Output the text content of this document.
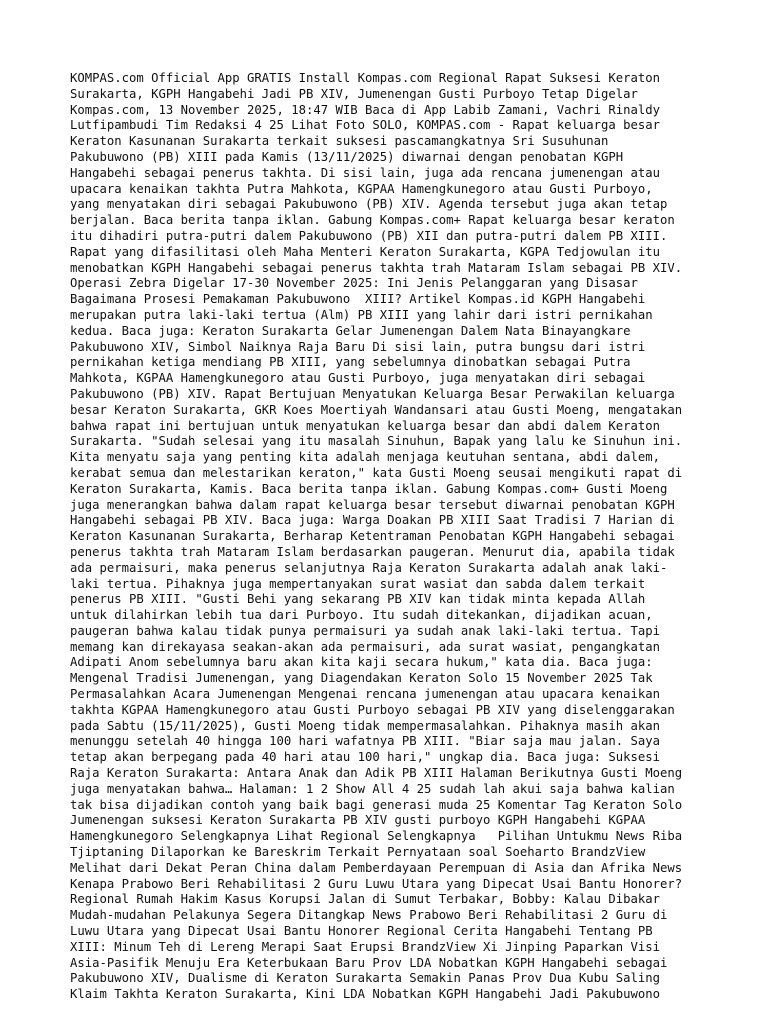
KOMPAS.com Official App GRATIS Install Kompas.com Regional Rapat Suksesi Keraton
Surakarta, KGPH Hangabehi Jadi PB XIV, Jumenengan Gusti Purboyo Tetap Digelar
Kompas.com, 13 November 2025, 18:47 WIB Baca di App Labib Zamani, Vachri Rinaldy
Lutfipambudi Tim Redaksi 4 25 Lihat Foto SOLO, KOMPAS.com - Rapat keluarga besar
Keraton Kasunanan Surakarta terkait suksesi pascamangkatnya Sri Susuhunan
Pakubuwono (PB) XIII pada Kamis (13/11/2025) diwarnai dengan penobatan KGPH
Hangabehi sebagai penerus takhta. Di sisi lain, juga ada rencana jumenengan atau
upacara kenaikan takhta Putra Mahkota, KGPAA Hamengkunegoro atau Gusti Purboyo,
yang menyatakan diri sebagai Pakubuwono (PB) XIV. Agenda tersebut juga akan tetap
berjalan. Baca berita tanpa iklan. Gabung Kompas.com+ Rapat keluarga besar keraton
itu dihadiri putra-putri dalem Pakubuwono (PB) XII dan putra-putri dalem PB XIII.
Rapat yang difasilitasi oleh Maha Menteri Keraton Surakarta, KGPA Tedjowulan itu
menobatkan KGPH Hangabehi sebagai penerus takhta trah Mataram Islam sebagai PB XIV.
Operasi Zebra Digelar 17-30 November 2025: Ini Jenis Pelanggaran yang Disasar
Bagaimana Prosesi Pemakaman Pakubuwono  XIII? Artikel Kompas.id KGPH Hangabehi
merupakan putra laki-laki tertua (Alm) PB XIII yang lahir dari istri pernikahan
kedua. Baca juga: Keraton Surakarta Gelar Jumenengan Dalem Nata Binayangkare
Pakubuwono XIV, Simbol Naiknya Raja Baru Di sisi lain, putra bungsu dari istri
pernikahan ketiga mendiang PB XIII, yang sebelumnya dinobatkan sebagai Putra
Mahkota, KGPAA Hamengkunegoro atau Gusti Purboyo, juga menyatakan diri sebagai
Pakubuwono (PB) XIV. Rapat Bertujuan Menyatukan Keluarga Besar Perwakilan keluarga
besar Keraton Surakarta, GKR Koes Moertiyah Wandansari atau Gusti Moeng, mengatakan
bahwa rapat ini bertujuan untuk menyatukan keluarga besar dan abdi dalem Keraton
Surakarta. "Sudah selesai yang itu masalah Sinuhun, Bapak yang lalu ke Sinuhun ini.
Kita menyatu saja yang penting kita adalah menjaga keutuhan sentana, abdi dalem,
kerabat semua dan melestarikan keraton," kata Gusti Moeng seusai mengikuti rapat di
Keraton Surakarta, Kamis. Baca berita tanpa iklan. Gabung Kompas.com+ Gusti Moeng
juga menerangkan bahwa dalam rapat keluarga besar tersebut diwarnai penobatan KGPH
Hangabehi sebagai PB XIV. Baca juga: Warga Doakan PB XIII Saat Tradisi 7 Harian di
Keraton Kasunanan Surakarta, Berharap Ketentraman Penobatan KGPH Hangabehi sebagai
penerus takhta trah Mataram Islam berdasarkan paugeran. Menurut dia, apabila tidak
ada permaisuri, maka penerus selanjutnya Raja Keraton Surakarta adalah anak laki-
laki tertua. Pihaknya juga mempertanyakan surat wasiat dan sabda dalem terkait
penerus PB XIII. "Gusti Behi yang sekarang PB XIV kan tidak minta kepada Allah
untuk dilahirkan lebih tua dari Purboyo. Itu sudah ditekankan, dijadikan acuan,
paugeran bahwa kalau tidak punya permaisuri ya sudah anak laki-laki tertua. Tapi
memang kan direkayasa seakan-akan ada permaisuri, ada surat wasiat, pengangkatan
Adipati Anom sebelumnya baru akan kita kaji secara hukum," kata dia. Baca juga:
Mengenal Tradisi Jumenengan, yang Diagendakan Keraton Solo 15 November 2025 Tak
Permasalahkan Acara Jumenengan Mengenai rencana jumenengan atau upacara kenaikan
takhta KGPAA Hamengkunegoro atau Gusti Purboyo sebagai PB XIV yang diselenggarakan
pada Sabtu (15/11/2025), Gusti Moeng tidak mempermasalahkan. Pihaknya masih akan
menunggu setelah 40 hingga 100 hari wafatnya PB XIII. "Biar saja mau jalan. Saya
tetap akan berpegang pada 40 hari atau 100 hari," ungkap dia. Baca juga: Suksesi
Raja Keraton Surakarta: Antara Anak dan Adik PB XIII Halaman Berikutnya Gusti Moeng
juga menyatakan bahwa… Halaman: 1 2 Show All 4 25 sudah lah akui saja bahwa kalian
tak bisa dijadikan contoh yang baik bagi generasi muda 25 Komentar Tag Keraton Solo
Jumenengan suksesi Keraton Surakarta PB XIV gusti purboyo KGPH Hangabehi KGPAA
Hamengkunegoro Selengkapnya Lihat Regional Selengkapnya   Pilihan Untukmu News Riba
Tjiptaning Dilaporkan ke Bareskrim Terkait Pernyataan soal Soeharto BrandzView
Melihat dari Dekat Peran China dalam Pemberdayaan Perempuan di Asia dan Afrika News
Kenapa Prabowo Beri Rehabilitasi 2 Guru Luwu Utara yang Dipecat Usai Bantu Honorer?
Regional Rumah Hakim Kasus Korupsi Jalan di Sumut Terbakar, Bobby: Kalau Dibakar
Mudah-mudahan Pelakunya Segera Ditangkap News Prabowo Beri Rehabilitasi 2 Guru di
Luwu Utara yang Dipecat Usai Bantu Honorer Regional Cerita Hangabehi Tentang PB
XIII: Minum Teh di Lereng Merapi Saat Erupsi BrandzView Xi Jinping Paparkan Visi
Asia-Pasifik Menuju Era Keterbukaan Baru Prov LDA Nobatkan KGPH Hangabehi sebagai
Pakubuwono XIV, Dualisme di Keraton Surakarta Semakin Panas Prov Dua Kubu Saling
Klaim Takhta Keraton Surakarta, Kini LDA Nobatkan KGPH Hangabehi Jadi Pakubuwono
